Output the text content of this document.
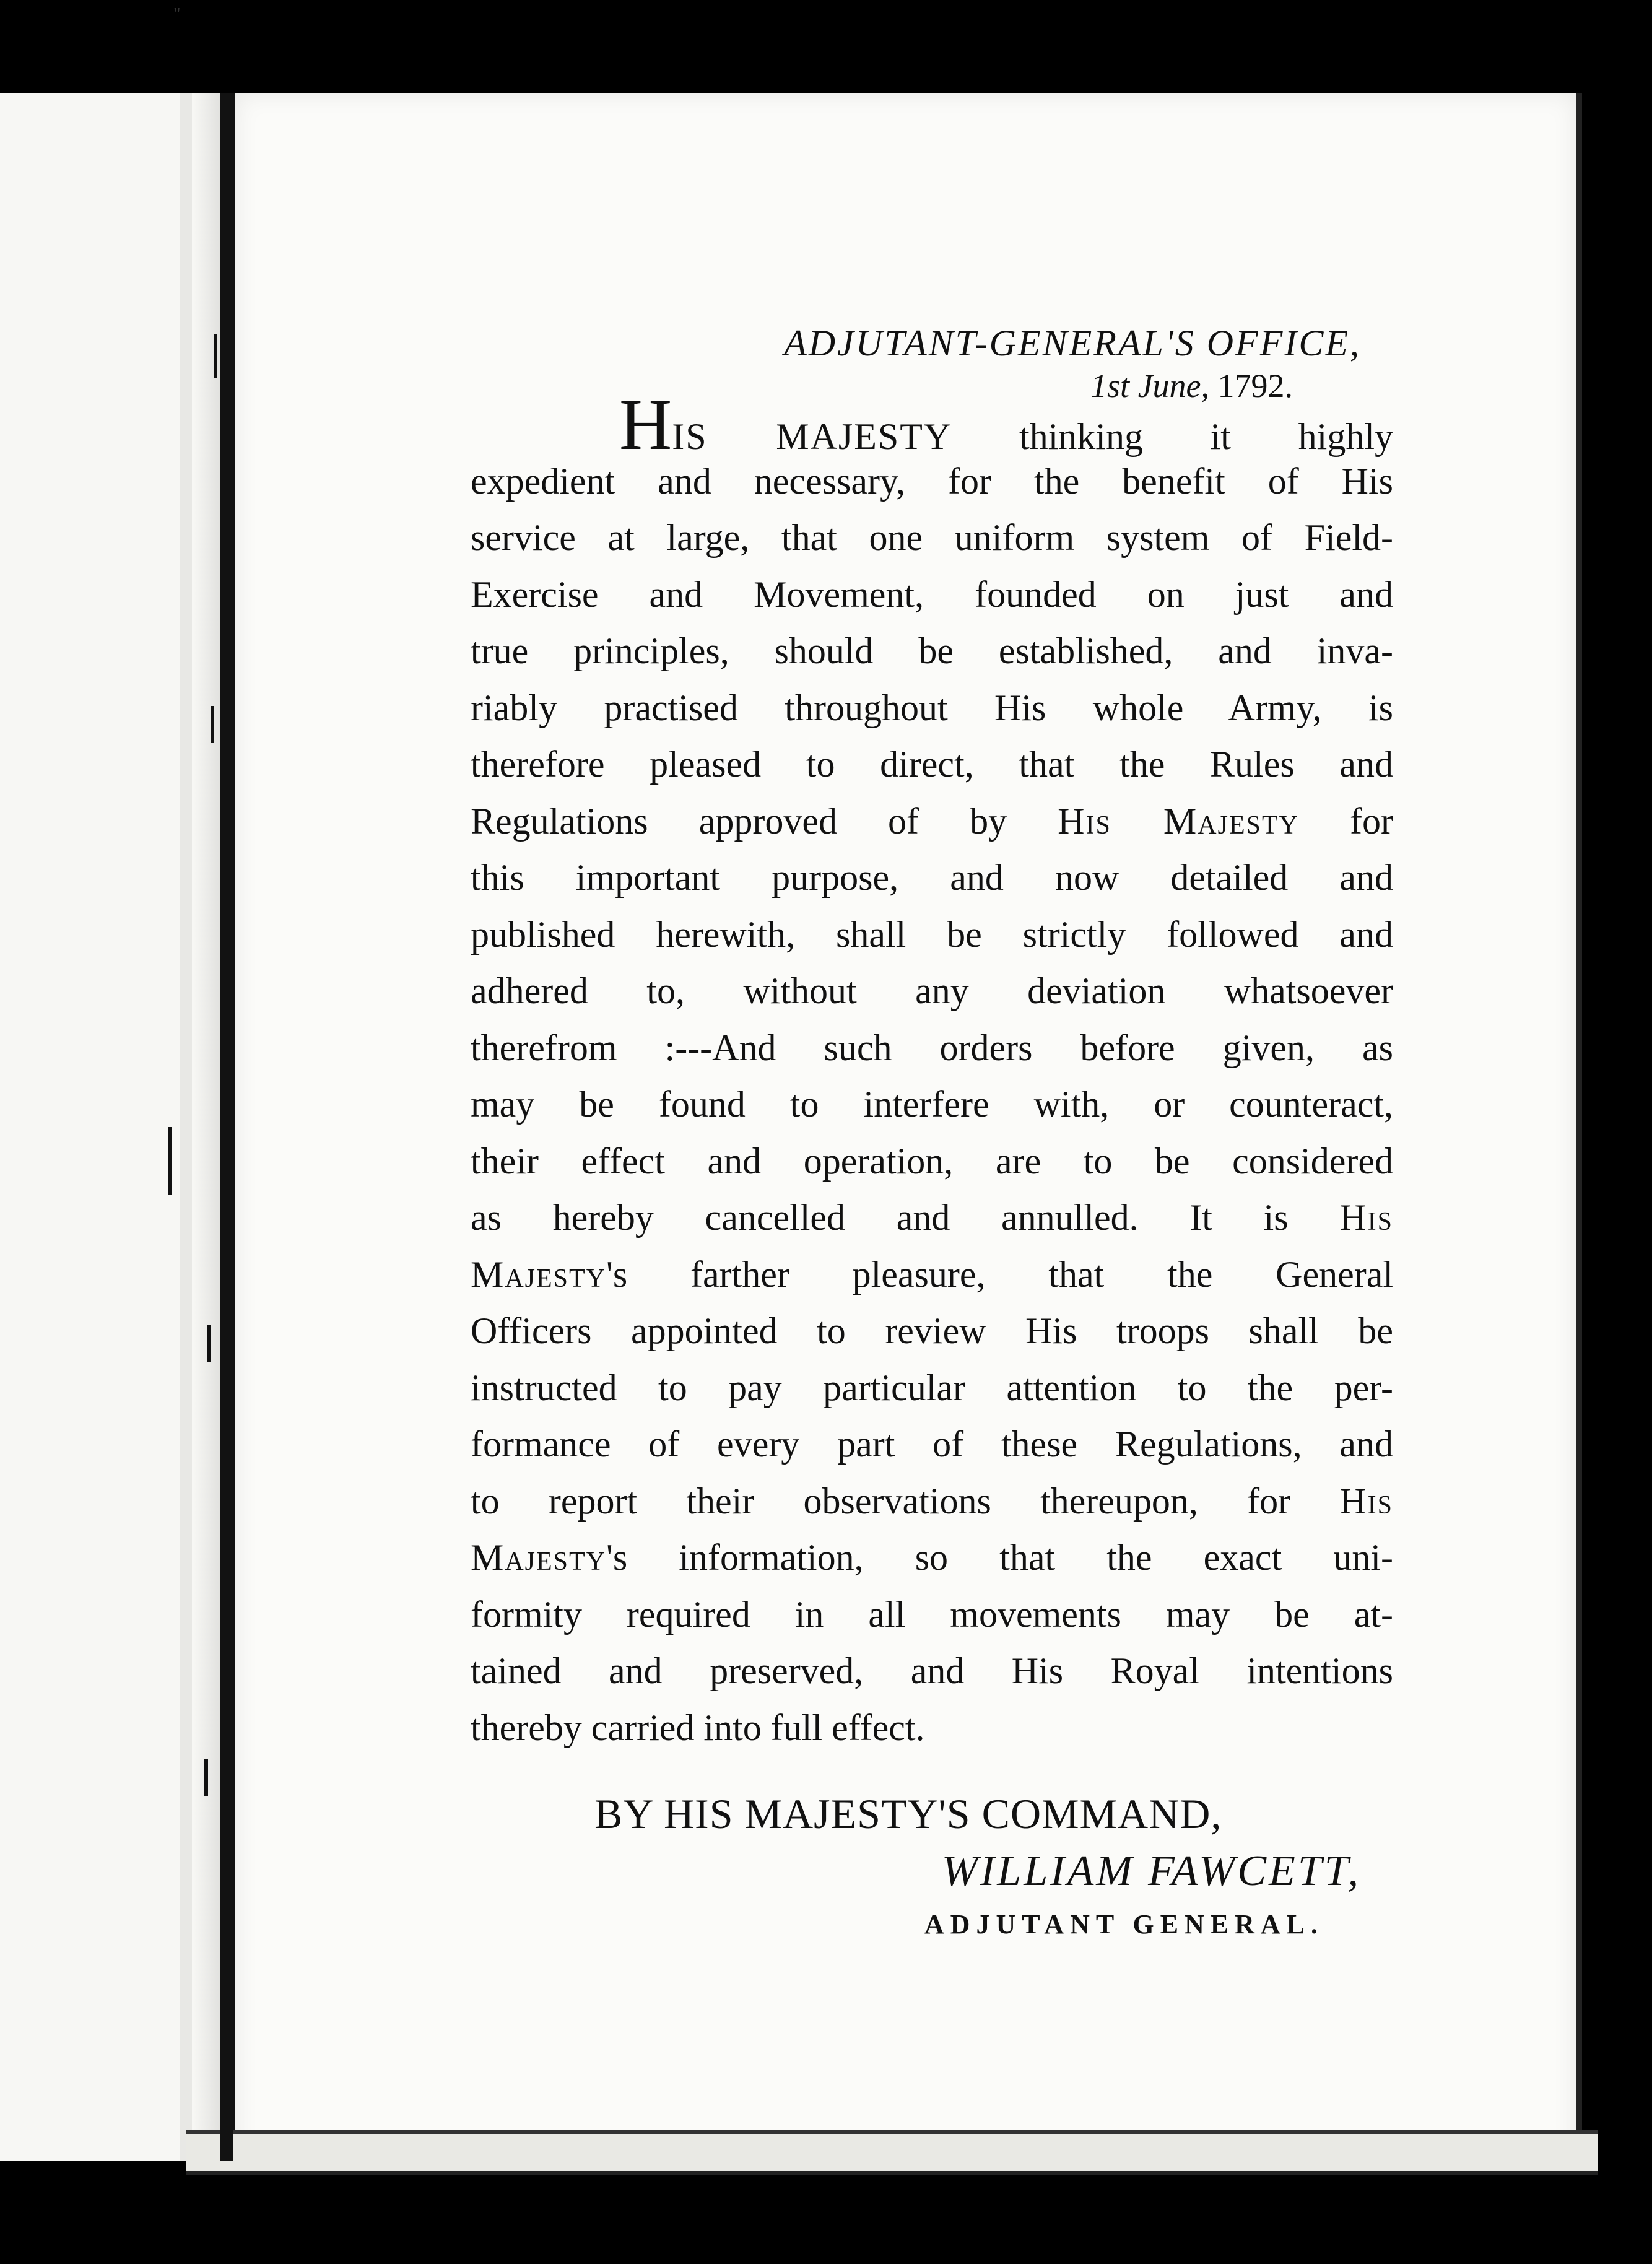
"
ADJUTANT-GENERAL'S OFFICE,
1st June, 1792.
HIS MAJESTY thinking it highly
expedient and necessary, for the benefit of His
service at large, that one uniform system of Field-
Exercise and Movement, founded on just and
true principles, should be established, and inva-
riably practised throughout His whole Army, is
therefore pleased to direct, that the Rules and
Regulations approved of by His Majesty for
this important purpose, and now detailed and
published herewith, shall be strictly followed and
adhered to, without any deviation whatsoever
therefrom :---And such orders before given, as
may be found to interfere with, or counteract,
their effect and operation, are to be considered
as hereby cancelled and annulled. It is His
Majesty's farther pleasure, that the General
Officers appointed to review His troops shall be
instructed to pay particular attention to the per-
formance of every part of these Regulations, and
to report their observations thereupon, for His
Majesty's information, so that the exact uni-
formity required in all movements may be at-
tained and preserved, and His Royal intentions
thereby carried into full effect.
BY HIS MAJESTY'S COMMAND,
WILLIAM FAWCETT,
ADJUTANT GENERAL.
